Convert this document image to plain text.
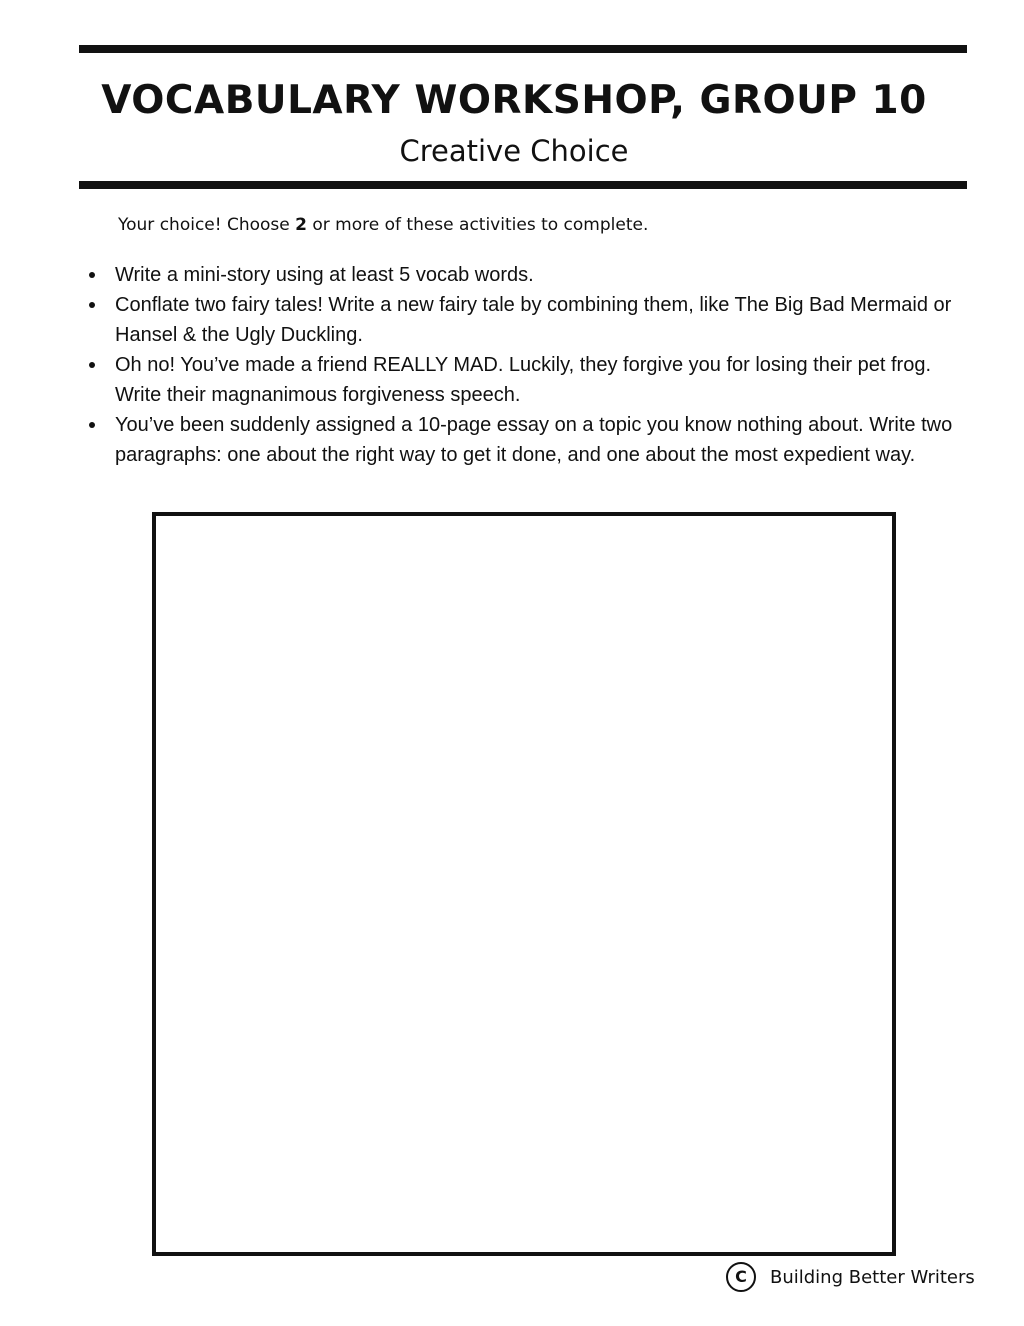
VOCABULARY WORKSHOP, GROUP 10
Creative Choice
Your choice! Choose 2 or more of these activities to complete.
Write a mini-story using at least 5 vocab words.
Conflate two fairy tales! Write a new fairy tale by combining them, like The Big Bad Mermaid or Hansel & the Ugly Duckling.
Oh no! You’ve made a friend REALLY MAD. Luckily, they forgive you for losing their pet frog. Write their magnanimous forgiveness speech.
You’ve been suddenly assigned a 10-page essay on a topic you know nothing about. Write two paragraphs: one about the right way to get it done, and one about the most expedient way.
C	Building Better Writers
